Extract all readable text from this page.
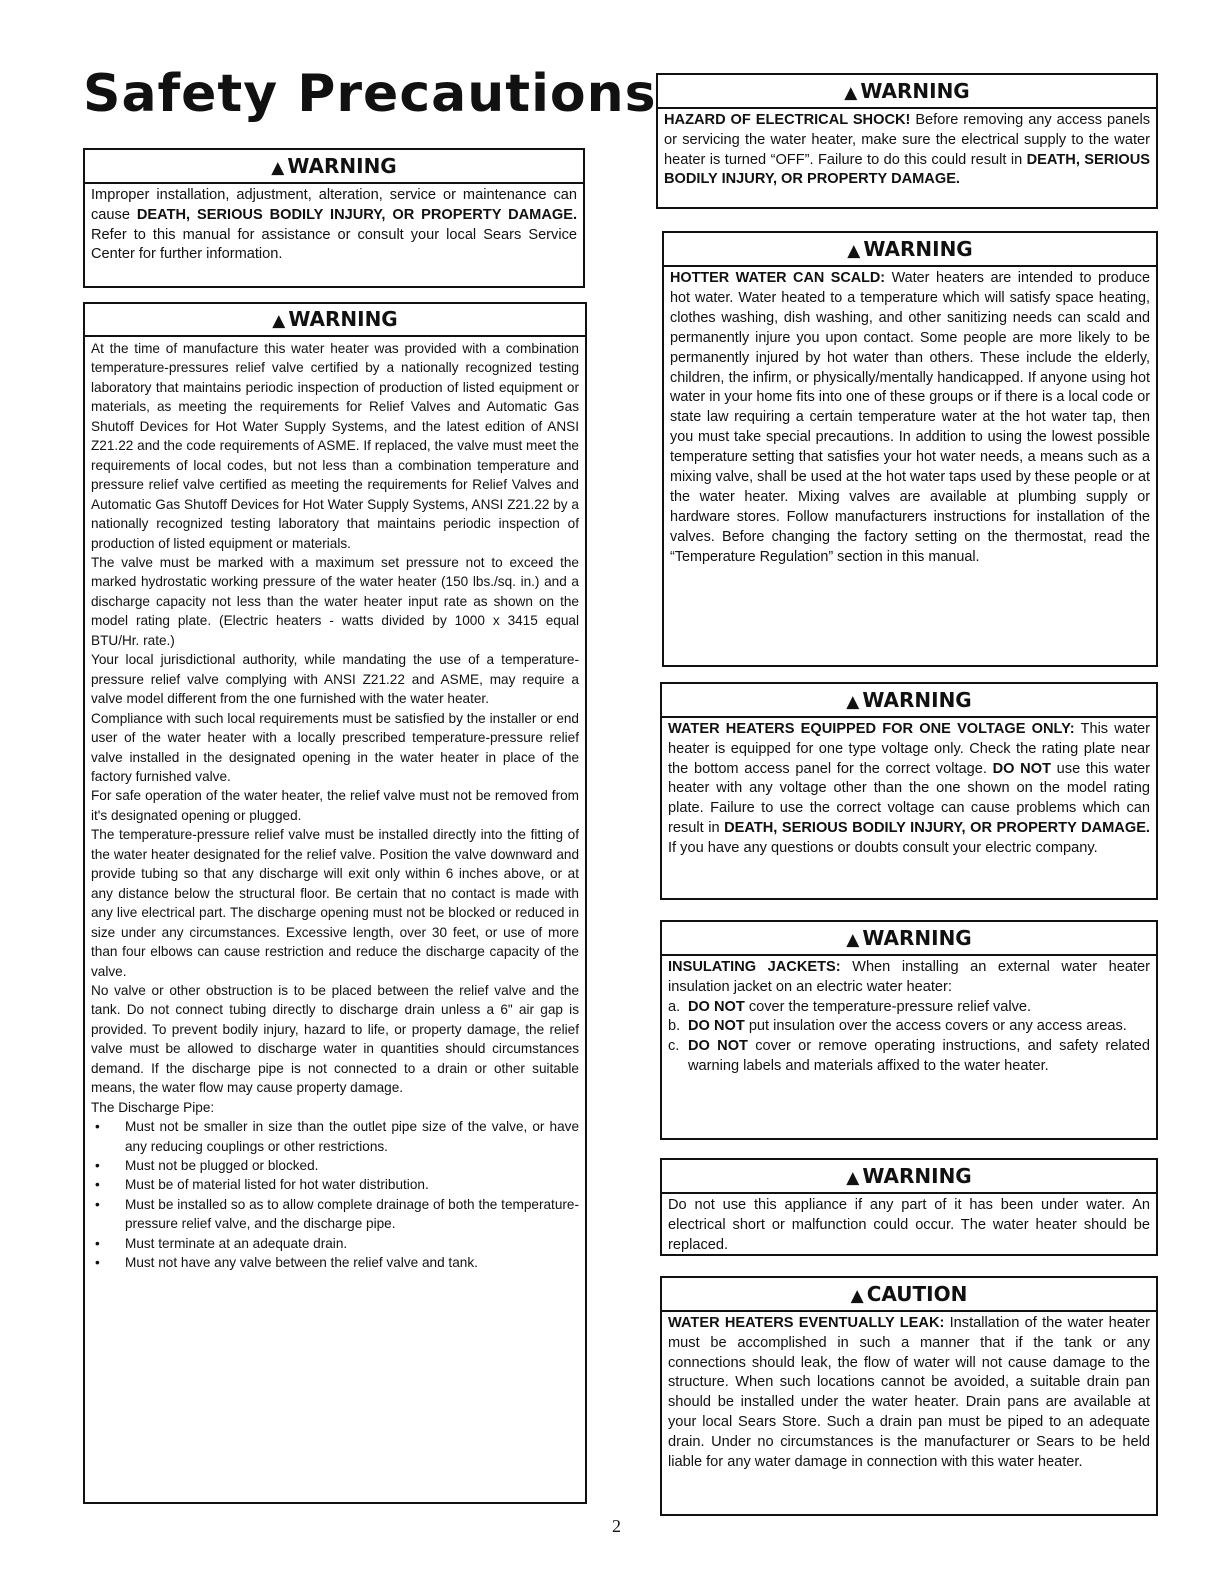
Safety Precautions
▲ WARNING

Improper installation, adjustment, alteration, service or maintenance can cause DEATH, SERIOUS BODILY INJURY, OR PROPERTY DAMAGE. Refer to this manual for assistance or consult your local Sears Service Center for further information.

▲ WARNING

At the time of manufacture this water heater was provided with a combination temperature-pressures relief valve certified by a nationally recognized testing laboratory that maintains periodic inspection of production of listed equipment or materials, as meeting the requirements for Relief Valves and Automatic Gas Shutoff Devices for Hot Water Supply Systems, and the latest edition of ANSI Z21.22 and the code requirements of ASME. If replaced, the valve must meet the requirements of local codes, but not less than a combination temperature and pressure relief valve certified as meeting the requirements for Relief Valves and Automatic Gas Shutoff Devices for Hot Water Supply Systems, ANSI Z21.22 by a nationally recognized testing laboratory that maintains periodic inspection of production of listed equipment or materials.

The valve must be marked with a maximum set pressure not to exceed the marked hydrostatic working pressure of the water heater (150 lbs./sq. in.) and a discharge capacity not less than the water heater input rate as shown on the model rating plate. (Electric heaters - watts divided by 1000 x 3415 equal BTU/Hr. rate.)

Your local jurisdictional authority, while mandating the use of a temperature-pressure relief valve complying with ANSI Z21.22 and ASME, may require a valve model different from the one furnished with the water heater.

Compliance with such local requirements must be satisfied by the installer or end user of the water heater with a locally prescribed temperature-pressure relief valve installed in the designated opening in the water heater in place of the factory furnished valve.

For safe operation of the water heater, the relief valve must not be removed from it's designated opening or plugged.

The temperature-pressure relief valve must be installed directly into the fitting of the water heater designated for the relief valve. Position the valve downward and provide tubing so that any discharge will exit only within 6 inches above, or at any distance below the structural floor. Be certain that no contact is made with any live electrical part. The discharge opening must not be blocked or reduced in size under any circumstances. Excessive length, over 30 feet, or use of more than four elbows can cause restriction and reduce the discharge capacity of the valve.

No valve or other obstruction is to be placed between the relief valve and the tank. Do not connect tubing directly to discharge drain unless a 6" air gap is provided. To prevent bodily injury, hazard to life, or property damage, the relief valve must be allowed to discharge water in quantities should circumstances demand. If the discharge pipe is not connected to a drain or other suitable means, the water flow may cause property damage.

The Discharge Pipe:

• Must not be smaller in size than the outlet pipe size of the valve, or have any reducing couplings or other restrictions.
• Must not be plugged or blocked.
• Must be of material listed for hot water distribution.
• Must be installed so as to allow complete drainage of both the temperature-pressure relief valve, and the discharge pipe.
• Must terminate at an adequate drain.
• Must not have any valve between the relief valve and tank.
▲ WARNING

HAZARD OF ELECTRICAL SHOCK! Before removing any access panels or servicing the water heater, make sure the electrical supply to the water heater is turned “OFF”. Failure to do this could result in DEATH, SERIOUS BODILY INJURY, OR PROPERTY DAMAGE.

▲ WARNING

HOTTER WATER CAN SCALD: Water heaters are intended to produce hot water. Water heated to a temperature which will satisfy space heating, clothes washing, dish washing, and other sanitizing needs can scald and permanently injure you upon contact. Some people are more likely to be permanently injured by hot water than others. These include the elderly, children, the infirm, or physically/mentally handicapped. If anyone using hot water in your home fits into one of these groups or if there is a local code or state law requiring a certain temperature water at the hot water tap, then you must take special precautions. In addition to using the lowest possible temperature setting that satisfies your hot water needs, a means such as a mixing valve, shall be used at the hot water taps used by these people or at the water heater. Mixing valves are available at plumbing supply or hardware stores. Follow manufacturers instructions for installation of the valves. Before changing the factory setting on the thermostat, read the “Temperature Regulation” section in this manual.

▲ WARNING

WATER HEATERS EQUIPPED FOR ONE VOLTAGE ONLY: This water heater is equipped for one type voltage only. Check the rating plate near the bottom access panel for the correct voltage. DO NOT use this water heater with any voltage other than the one shown on the model rating plate. Failure to use the correct voltage can cause problems which can result in DEATH, SERIOUS BODILY INJURY, OR PROPERTY DAMAGE. If you have any questions or doubts consult your electric company.

▲ WARNING

INSULATING JACKETS: When installing an external water heater insulation jacket on an electric water heater:

a. DO NOT cover the temperature-pressure relief valve.
b. DO NOT put insulation over the access covers or any access areas.
c. DO NOT cover or remove operating instructions, and safety related warning labels and materials affixed to the water heater.
▲ WARNING

Do not use this appliance if any part of it has been under water. An electrical short or malfunction could occur. The water heater should be replaced.

▲ CAUTION

WATER HEATERS EVENTUALLY LEAK: Installation of the water heater must be accomplished in such a manner that if the tank or any connections should leak, the flow of water will not cause damage to the structure. When such locations cannot be avoided, a suitable drain pan should be installed under the water heater. Drain pans are available at your local Sears Store. Such a drain pan must be piped to an adequate drain. Under no circumstances is the manufacturer or Sears to be held liable for any water damage in connection with this water heater.

2
